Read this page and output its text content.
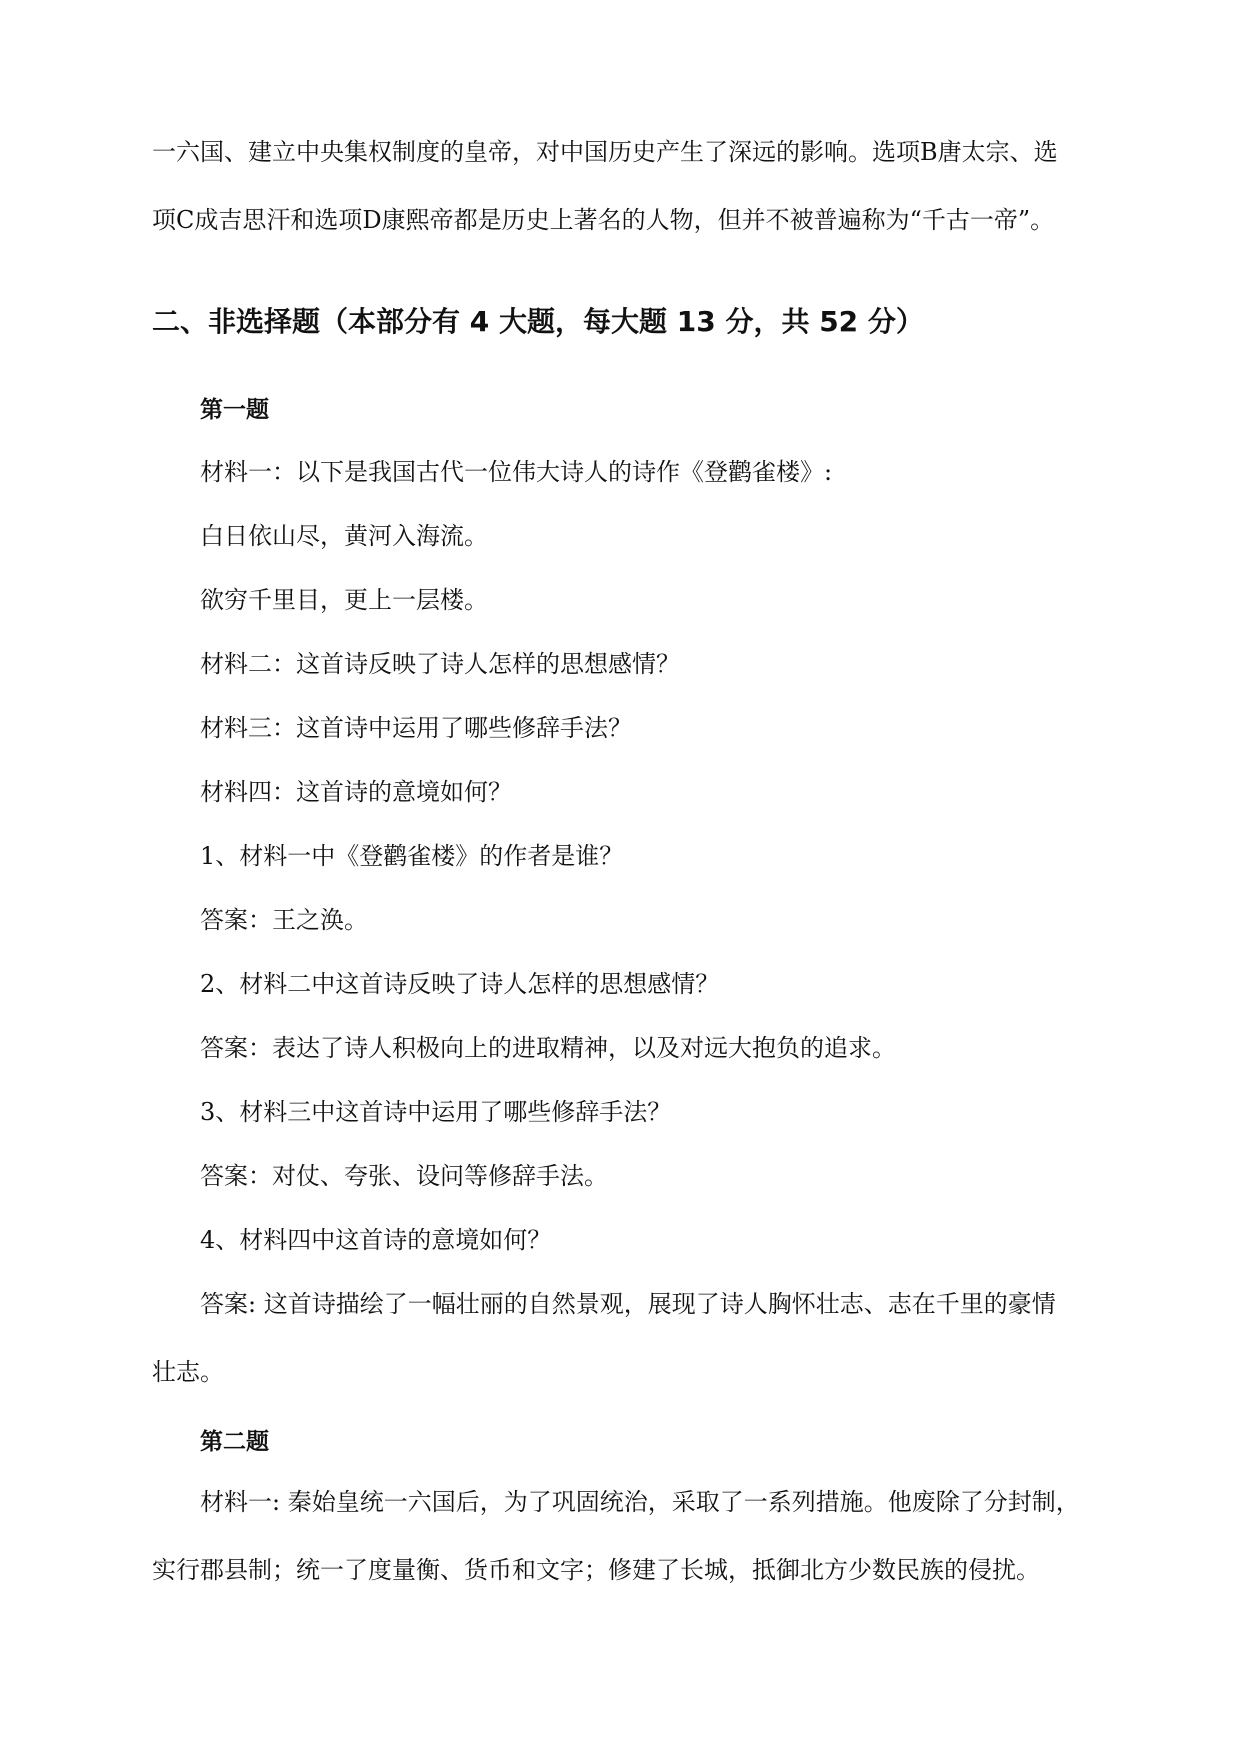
一六国、建立中央集权制度的皇帝，对中国历史产生了深远的影响。选项B唐太宗、选

项C成吉思汗和选项D康熙帝都是历史上著名的人物，但并不被普遍称为“千古一帝”。

二、非选择题（本部分有 4 大题，每大题 13 分，共 52 分）
第一题

材料一：以下是我国古代一位伟大诗人的诗作《登鹳雀楼》:

白日依山尽，黄河入海流。

欲穷千里目，更上一层楼。

材料二：这首诗反映了诗人怎样的思想感情？

材料三：这首诗中运用了哪些修辞手法？

材料四：这首诗的意境如何？

1、材料一中《登鹳雀楼》的作者是谁？

答案：王之涣。

2、材料二中这首诗反映了诗人怎样的思想感情？

答案：表达了诗人积极向上的进取精神，以及对远大抱负的追求。

3、材料三中这首诗中运用了哪些修辞手法？

答案：对仗、夸张、设问等修辞手法。

4、材料四中这首诗的意境如何？

答案: 这首诗描绘了一幅壮丽的自然景观，展现了诗人胸怀壮志、志在千里的豪情

壮志。

第二题

材料一: 秦始皇统一六国后，为了巩固统治，采取了一系列措施。他废除了分封制，

实行郡县制；统一了度量衡、货币和文字；修建了长城，抵御北方少数民族的侵扰。
